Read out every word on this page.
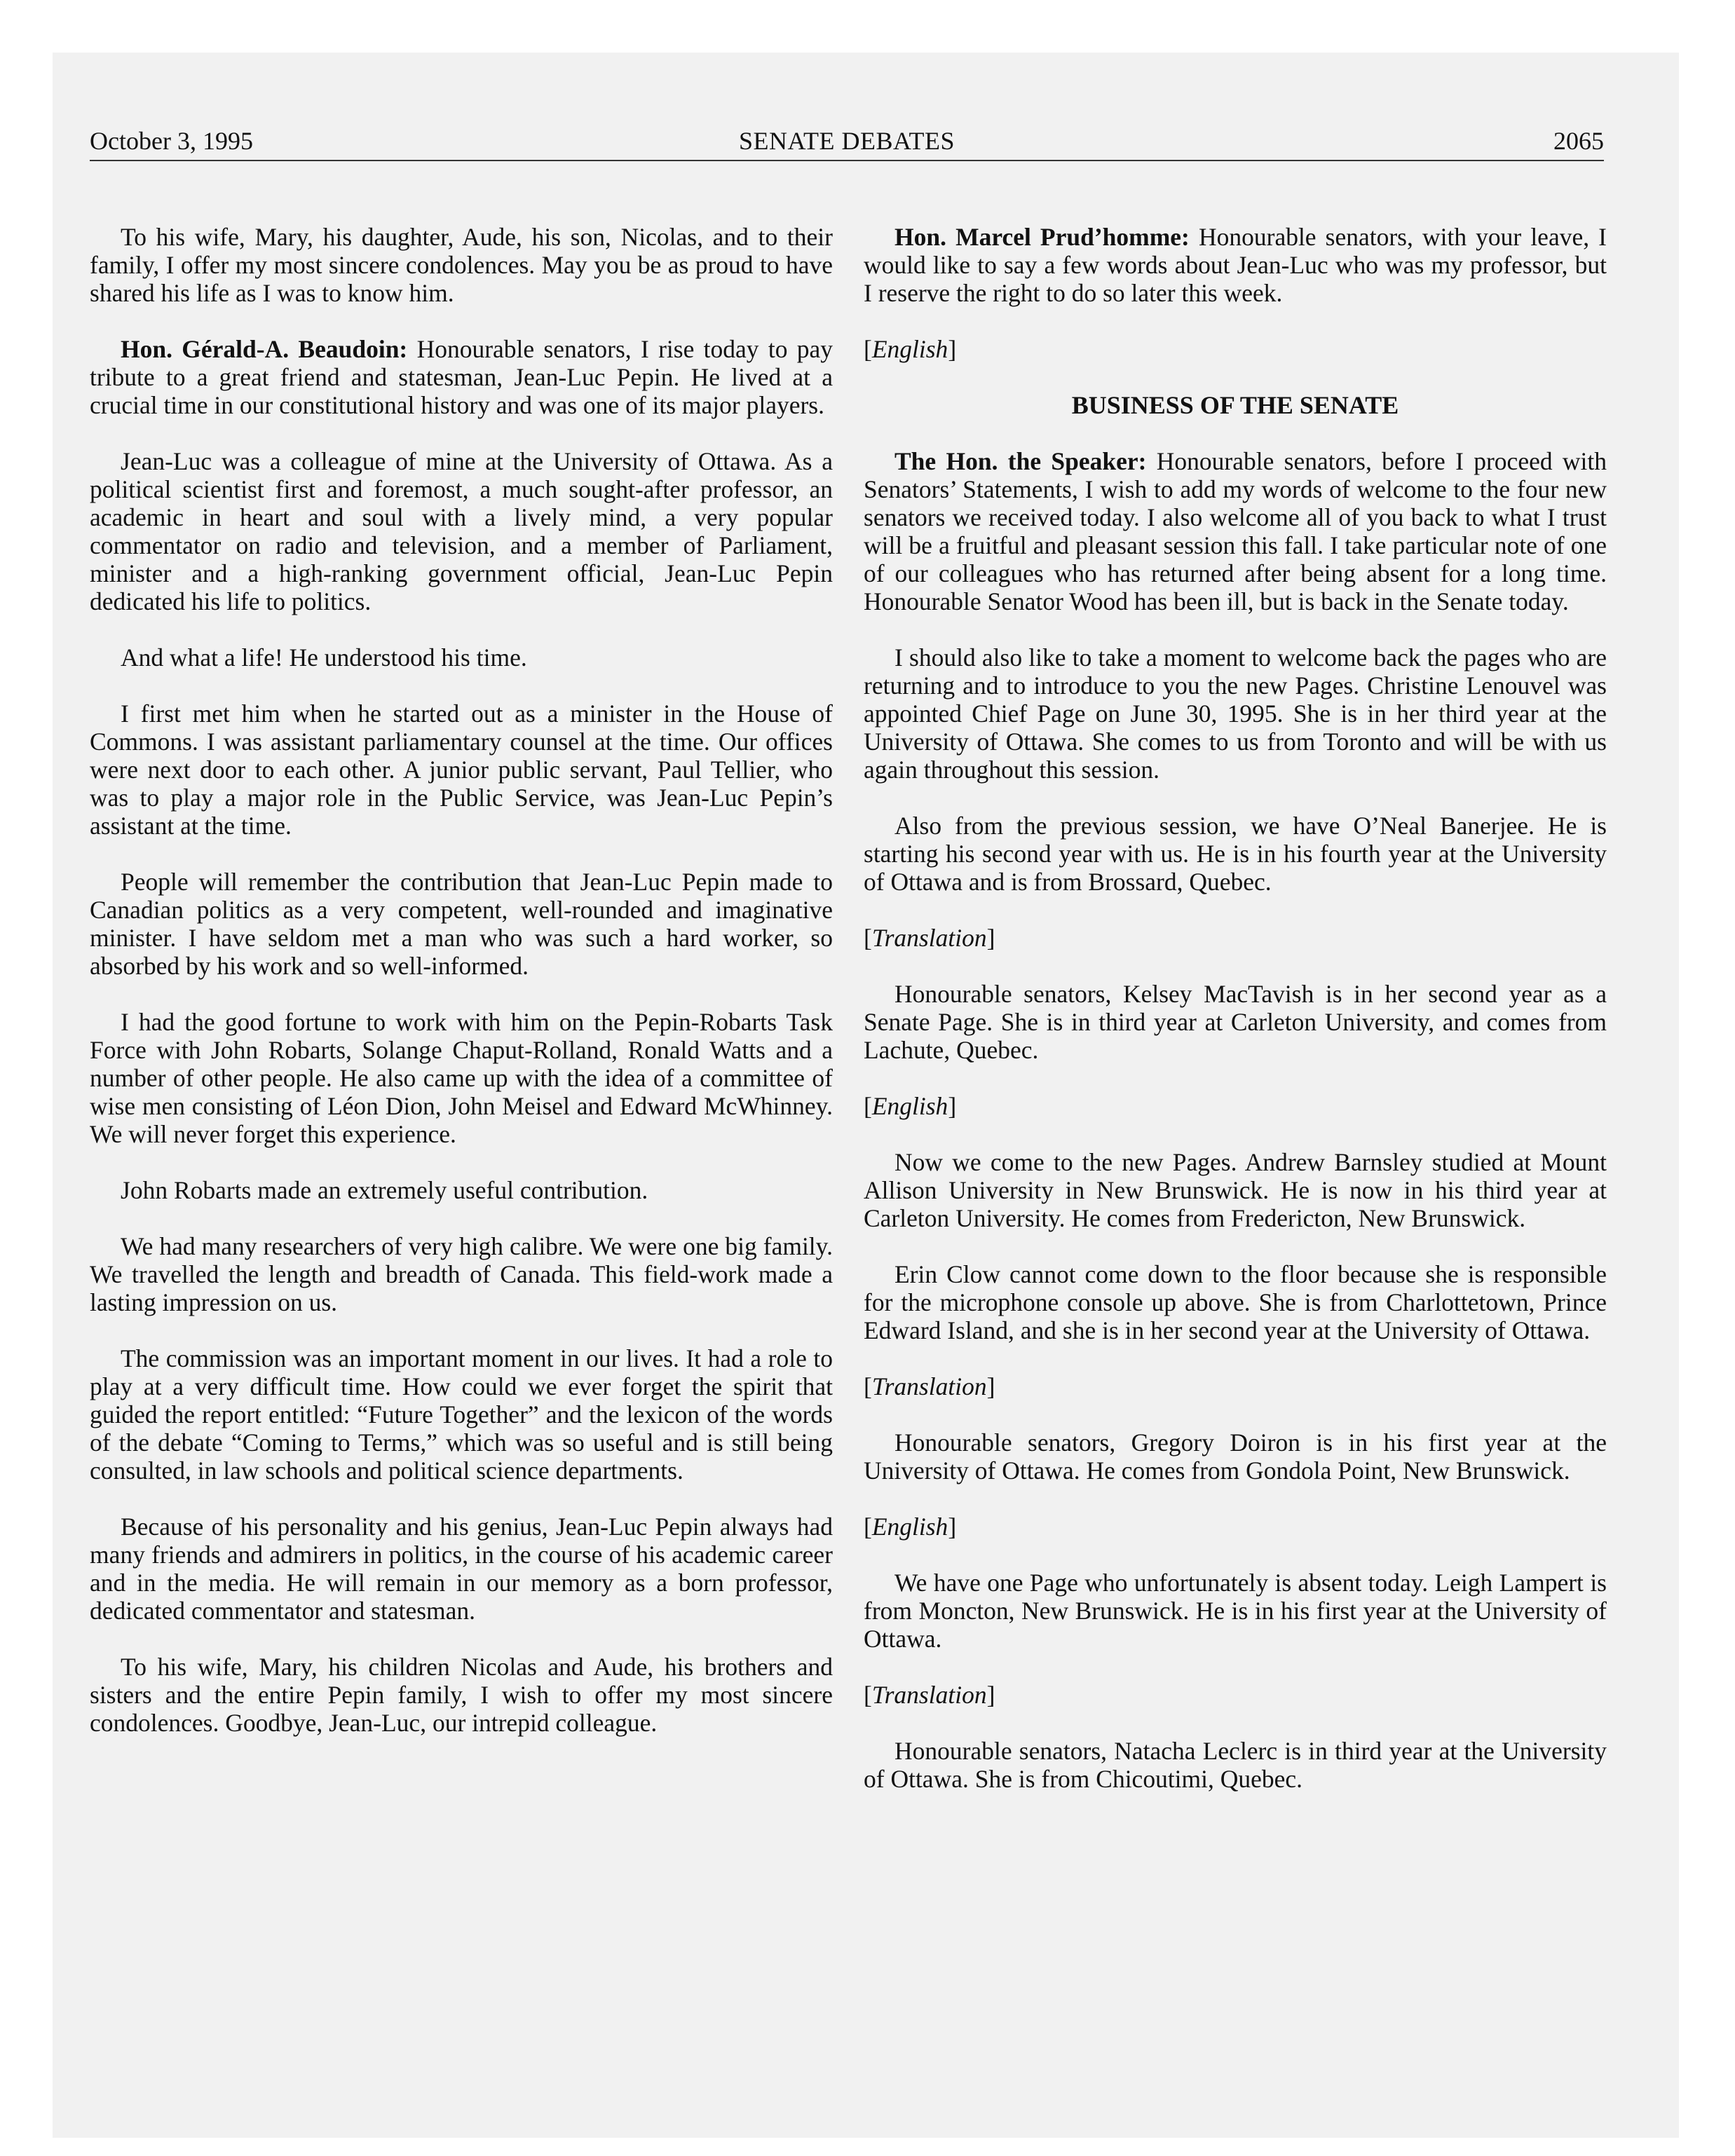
October 3, 1995	SENATE DEBATES	2065

To his wife, Mary, his daughter, Aude, his son, Nicolas, and to their family, I offer my most sincere condolences. May you be as proud to have shared his life as I was to know him.

Hon. Gérald-A. Beaudoin: Honourable senators, I rise today to pay tribute to a great friend and statesman, Jean-Luc Pepin. He lived at a crucial time in our constitutional history and was one of its major players.

Jean-Luc was a colleague of mine at the University of Ottawa. As a political scientist first and foremost, a much sought-after professor, an academic in heart and soul with a lively mind, a very popular commentator on radio and television, and a member of Parliament, minister and a high-ranking government official, Jean-Luc Pepin dedicated his life to politics.

And what a life! He understood his time.

I first met him when he started out as a minister in the House of Commons. I was assistant parliamentary counsel at the time. Our offices were next door to each other. A junior public servant, Paul Tellier, who was to play a major role in the Public Service, was Jean-Luc Pepin’s assistant at the time.

People will remember the contribution that Jean-Luc Pepin made to Canadian politics as a very competent, well-rounded and imaginative minister. I have seldom met a man who was such a hard worker, so absorbed by his work and so well-informed.

I had the good fortune to work with him on the Pepin-Robarts Task Force with John Robarts, Solange Chaput-Rolland, Ronald Watts and a number of other people. He also came up with the idea of a committee of wise men consisting of Léon Dion, John Meisel and Edward McWhinney. We will never forget this experience.

John Robarts made an extremely useful contribution.

We had many researchers of very high calibre. We were one big family. We travelled the length and breadth of Canada. This field-work made a lasting impression on us.

The commission was an important moment in our lives. It had a role to play at a very difficult time. How could we ever forget the spirit that guided the report entitled: “Future Together” and the lexicon of the words of the debate “Coming to Terms,” which was so useful and is still being consulted, in law schools and political science departments.

Because of his personality and his genius, Jean-Luc Pepin always had many friends and admirers in politics, in the course of his academic career and in the media. He will remain in our memory as a born professor, dedicated commentator and statesman.

To his wife, Mary, his children Nicolas and Aude, his brothers and sisters and the entire Pepin family, I wish to offer my most sincere condolences. Goodbye, Jean-Luc, our intrepid colleague.

Hon. Marcel Prud’homme: Honourable senators, with your leave, I would like to say a few words about Jean-Luc who was my professor, but I reserve the right to do so later this week.

[English]

BUSINESS OF THE SENATE

The Hon. the Speaker: Honourable senators, before I proceed with Senators’ Statements, I wish to add my words of welcome to the four new senators we received today. I also welcome all of you back to what I trust will be a fruitful and pleasant session this fall. I take particular note of one of our colleagues who has returned after being absent for a long time. Honourable Senator Wood has been ill, but is back in the Senate today.

I should also like to take a moment to welcome back the pages who are returning and to introduce to you the new Pages. Christine Lenouvel was appointed Chief Page on June 30, 1995. She is in her third year at the University of Ottawa. She comes to us from Toronto and will be with us again throughout this session.

Also from the previous session, we have O’Neal Banerjee. He is starting his second year with us. He is in his fourth year at the University of Ottawa and is from Brossard, Quebec.

[Translation]

Honourable senators, Kelsey MacTavish is in her second year as a Senate Page. She is in third year at Carleton University, and comes from Lachute, Quebec.

[English]

Now we come to the new Pages. Andrew Barnsley studied at Mount Allison University in New Brunswick. He is now in his third year at Carleton University. He comes from Fredericton, New Brunswick.

Erin Clow cannot come down to the floor because she is responsible for the microphone console up above. She is from Charlottetown, Prince Edward Island, and she is in her second year at the University of Ottawa.

[Translation]

Honourable senators, Gregory Doiron is in his first year at the University of Ottawa. He comes from Gondola Point, New Brunswick.

[English]

We have one Page who unfortunately is absent today. Leigh Lampert is from Moncton, New Brunswick. He is in his first year at the University of Ottawa.

[Translation]

Honourable senators, Natacha Leclerc is in third year at the University of Ottawa. She is from Chicoutimi, Quebec.
